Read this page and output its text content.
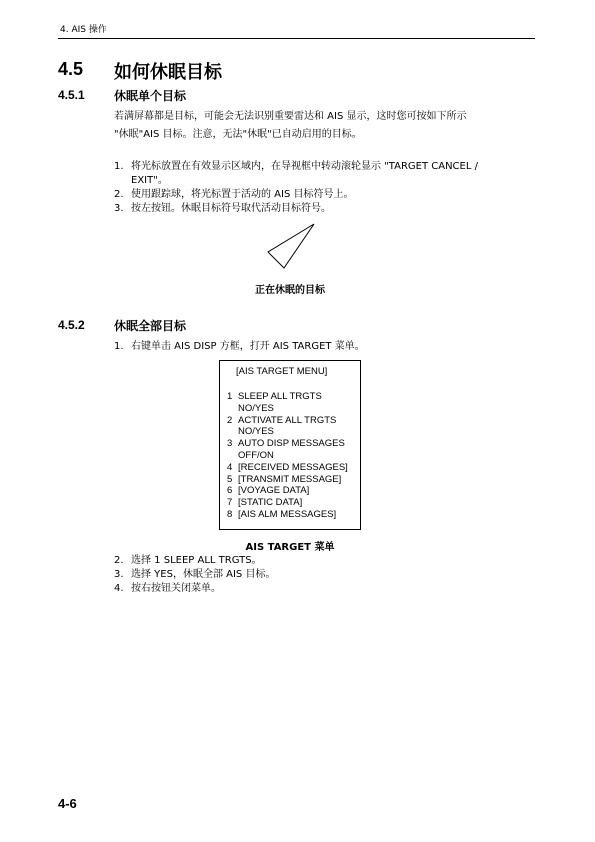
4. AIS 操作
4.5 如何休眠目标
4.5.1 休眠单个目标
若满屏幕都是目标，可能会无法识别重要雷达和 AIS 显示，这时您可按如下所示
"休眠"AIS 目标。注意，无法"休眠"已自动启用的目标。
1. 将光标放置在有效显示区域内，在导视框中转动滚轮显示 "TARGET CANCEL /
EXIT"。
2. 使用跟踪球，将光标置于活动的 AIS 目标符号上。
3. 按左按钮。休眠目标符号取代活动目标符号。
正在休眠的目标
4.5.2 休眠全部目标
1. 右键单击 AIS DISP 方框，打开 AIS TARGET 菜单。
[AIS TARGET MENU]
1 SLEEP ALL TRGTS
NO/YES
2 ACTIVATE ALL TRGTS
NO/YES
3 AUTO DISP MESSAGES
OFF/ON
4 [RECEIVED MESSAGES]
5 [TRANSMIT MESSAGE]
6 [VOYAGE DATA]
7 [STATIC DATA]
8 [AIS ALM MESSAGES]
AIS TARGET 菜单
2. 选择 1 SLEEP ALL TRGTS。
3. 选择 YES，休眠全部 AIS 目标。
4. 按右按钮关闭菜单。
4-6
